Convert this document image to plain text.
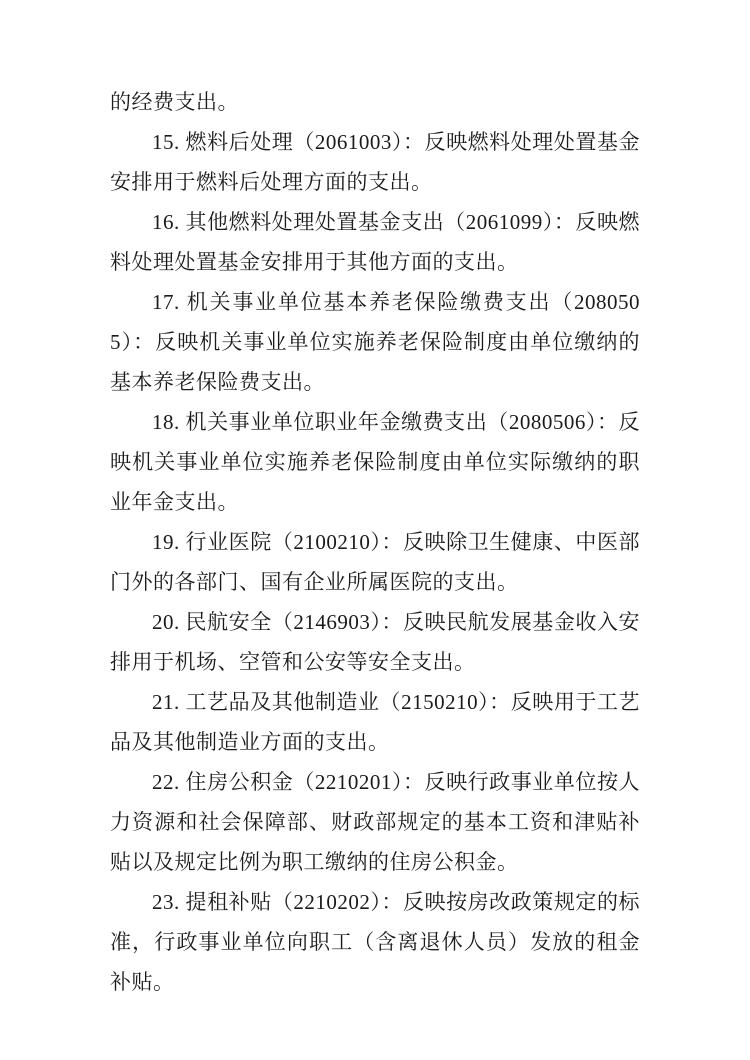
的经费支出。

15. 燃料后处理（2061003）：反映燃料处理处置基金安排用于燃料后处理方面的支出。

16. 其他燃料处理处置基金支出（2061099）：反映燃料处理处置基金安排用于其他方面的支出。

17. 机关事业单位基本养老保险缴费支出（2080505）：反映机关事业单位实施养老保险制度由单位缴纳的基本养老保险费支出。

18. 机关事业单位职业年金缴费支出（2080506）：反映机关事业单位实施养老保险制度由单位实际缴纳的职业年金支出。

19. 行业医院（2100210）：反映除卫生健康、中医部门外的各部门、国有企业所属医院的支出。

20. 民航安全（2146903）：反映民航发展基金收入安排用于机场、空管和公安等安全支出。

21. 工艺品及其他制造业（2150210）：反映用于工艺品及其他制造业方面的支出。

22. 住房公积金（2210201）：反映行政事业单位按人力资源和社会保障部、财政部规定的基本工资和津贴补贴以及规定比例为职工缴纳的住房公积金。

23. 提租补贴（2210202）：反映按房改政策规定的标准，行政事业单位向职工（含离退休人员）发放的租金补贴。
